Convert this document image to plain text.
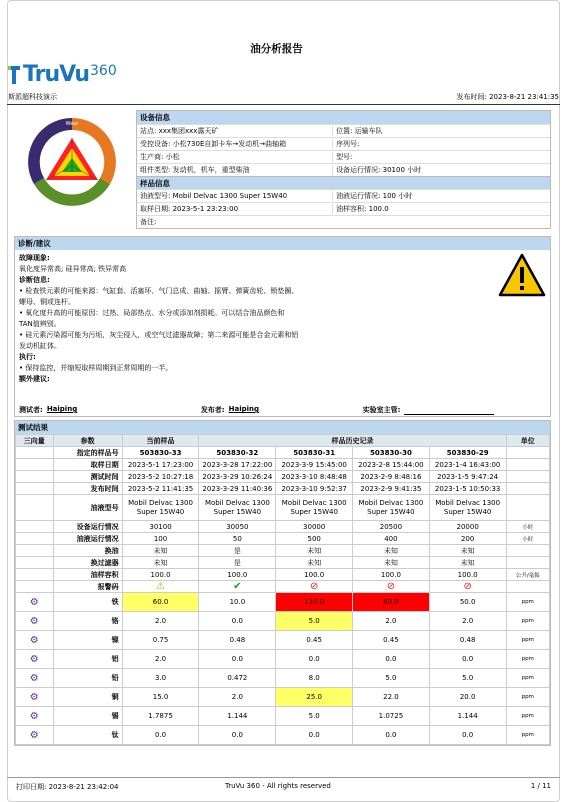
油分析报告
TruVu 360
斯派超科技演示	发布时间: 2023-8-21 23:41:35
Wear
设备信息
站点: xxx集团xxx露天矿	位置: 运输车队
受控设备: 小松730E自卸卡车→发动机→曲轴箱	序列号:
生产商: 小松	型号:
组件类型: 发动机，机车，重型柴油	设备运行情况: 30100 小时
样品信息
油液型号: Mobil Delvac 1300 Super 15W40	油液运行情况: 100 小时
取样日期: 2023-5-1 23:23:00	油样容积: 100.0
备注:
诊断/建议

故障现象:

氧化度异常高; 硅异常高; 铁异常高

诊断信息:

• 检查铁元素的可能来源：气缸套、活塞环、气门总成、曲轴、摇臂、弹簧齿轮、锁垫圈、

螺母、铜或连杆。

• 氧化度升高的可能原因：过热、局部热点、水分或添加剂损耗。可以结合油品颜色和

TAN值辨别。

• 硅元素污染源可能为污垢，灰尘侵入，或空气过滤器故障；第二来源可能是合金元素和铝

发动机缸体。

执行:

• 保持监控，并缩短取样周期到正常周期的一半。

额外建议:

测试者: Haiping	发布者: Haiping	实验室主管:
测试结果
三向量	参数	当前样品	样品历史记录				单位
	指定的样品号	503830-33	503830-32	503830-31	503830-30	503830-29	
	取样日期	2023-5-1 17:23:00	2023-3-28 17:22:00	2023-3-9 15:45:00	2023-2-8 15:44:00	2023-1-4 16:43:00	
	测试时间	2023-5-2 10:27:18	2023-3-29 10:26:24	2023-3-10 8:48:48	2023-2-9 8:48:16	2023-1-5 9:47:24	
	发布时间	2023-5-2 11:41:35	2023-3-29 11:40:36	2023-3-10 9:52:37	2023-2-9 9:41:35	2023-1-5 10:50:33	
	油液型号	Mobil Delvac 1300 Super 15W40	Mobil Delvac 1300 Super 15W40	Mobil Delvac 1300 Super 15W40	Mobil Delvac 1300 Super 15W40	Mobil Delvac 1300 Super 15W40	
	设备运行情况	30100	30050	30000	20500	20000	小时
	油液运行情况	100	50	500	400	200	小时
	换油	未知	是	未知	未知	未知	
	换过滤器	未知	是	未知	未知	未知	
	油样容积	100.0	100.0	100.0	100.0	100.0	公升/毫振
	报警码	⚠	✔	⊘	⊘	⊘	
⚙	铁	60.0	10.0	110.0	80.0	50.0	ppm
⚙	铬	2.0	0.0	5.0	2.0	2.0	ppm
⚙	镍	0.75	0.48	0.45	0.45	0.48	ppm
⚙	铝	2.0	0.0	0.0	0.0	0.0	ppm
⚙	铅	3.0	0.472	8.0	5.0	5.0	ppm
⚙	铜	15.0	2.0	25.0	22.0	20.0	ppm
⚙	锡	1.7875	1.144	5.0	1.0725	1.144	ppm
⚙	钛	0.0	0.0	0.0	0.0	0.0	ppm
打印日期: 2023-8-21 23:42:04	TruVu 360 - All rights reserved	1 / 11
